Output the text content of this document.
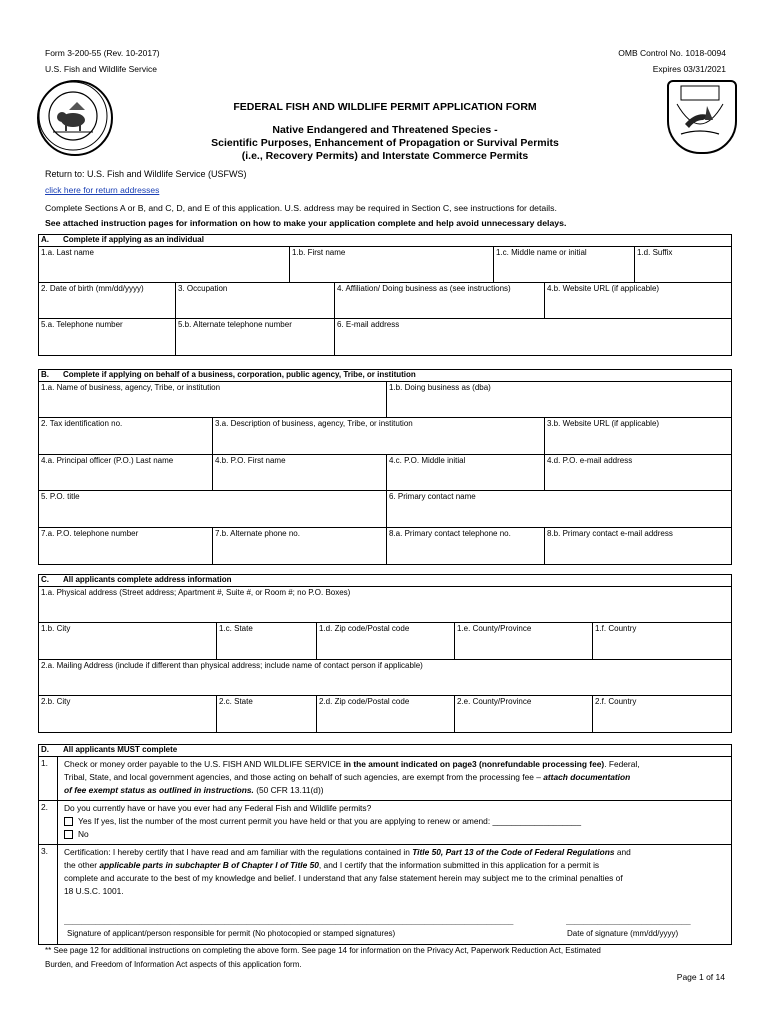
Form 3-200-55 (Rev. 10-2017)
U.S. Fish and Wildlife Service
OMB Control No. 1018-0094
Expires 03/31/2021
FEDERAL FISH AND WILDLIFE PERMIT APPLICATION FORM
Native Endangered and Threatened Species -
Scientific Purposes, Enhancement of Propagation or Survival Permits
(i.e., Recovery Permits) and Interstate Commerce Permits
Return to: U.S. Fish and Wildlife Service (USFWS)
click here for return addresses
Complete Sections A or B, and C, D, and E of this application. U.S. address may be required in Section C, see instructions for details.
See attached instruction pages for information on how to make your application complete and help avoid unnecessary delays.
A. Complete if applying as an individual
1.a. Last name	1.b. First name	1.c. Middle name or initial	1.d. Suffix
2. Date of birth (mm/dd/yyyy)	3. Occupation	4. Affiliation/ Doing business as (see instructions)	4.b. Website URL (if applicable)
5.a. Telephone number	5.b. Alternate telephone number	6. E-mail address
B. Complete if applying on behalf of a business, corporation, public agency, Tribe, or institution
1.a. Name of business, agency, Tribe, or institution	1.b. Doing business as (dba)
2. Tax identification no.	3.a. Description of business, agency, Tribe, or institution	3.b. Website URL (if applicable)
4.a. Principal officer (P.O.) Last name	4.b. P.O. First name	4.c. P.O. Middle initial	4.d. P.O. e-mail address
5. P.O. title	6. Primary contact name
7.a. P.O. telephone number	7.b. Alternate phone no.	8.a. Primary contact telephone no.	8.b. Primary contact e-mail address
C. All applicants complete address information
1.a. Physical address (Street address; Apartment #, Suite #, or Room #; no P.O. Boxes)
1.b. City	1.c. State	1.d. Zip code/Postal code	1.e. County/Province	1.f. Country
2.a. Mailing Address (include if different than physical address; include name of contact person if applicable)
2.b. City	2.c. State	2.d. Zip code/Postal code	2.e. County/Province	2.f. Country
D. All applicants MUST complete
1.	Check or money order payable to the U.S. FISH AND WILDLIFE SERVICE in the amount indicated on page3 (nonrefundable processing fee). Federal,
Tribal, State, and local government agencies, and those acting on behalf of such agencies, are exempt from the processing fee – attach documentation
of fee exempt status as outlined in instructions. (50 CFR 13.11(d))
2.	Do you currently have or have you ever had any Federal Fish and Wildlife permits?
Yes If yes, list the number of the most current permit you have held or that you are applying to renew or amend: ___________________
No
3.	Certification: I hereby certify that I have read and am familiar with the regulations contained in Title 50, Part 13 of the Code of Federal Regulations and
the other applicable parts in subchapter B of Chapter I of Title 50, and I certify that the information submitted in this application for a permit is
complete and accurate to the best of my knowledge and belief. I understand that any false statement herein may subject me to the criminal penalties of
18 U.S.C. 1001.
_____________________________________________________________________________________________________
Signature of applicant/person responsible for permit (No photocopied or stamped signatures)
____________________________
Date of signature (mm/dd/yyyy)
** See page 12 for additional instructions on completing the above form. See page 14 for information on the Privacy Act, Paperwork Reduction Act, Estimated
Burden, and Freedom of Information Act aspects of this application form.
Page 1 of 14
